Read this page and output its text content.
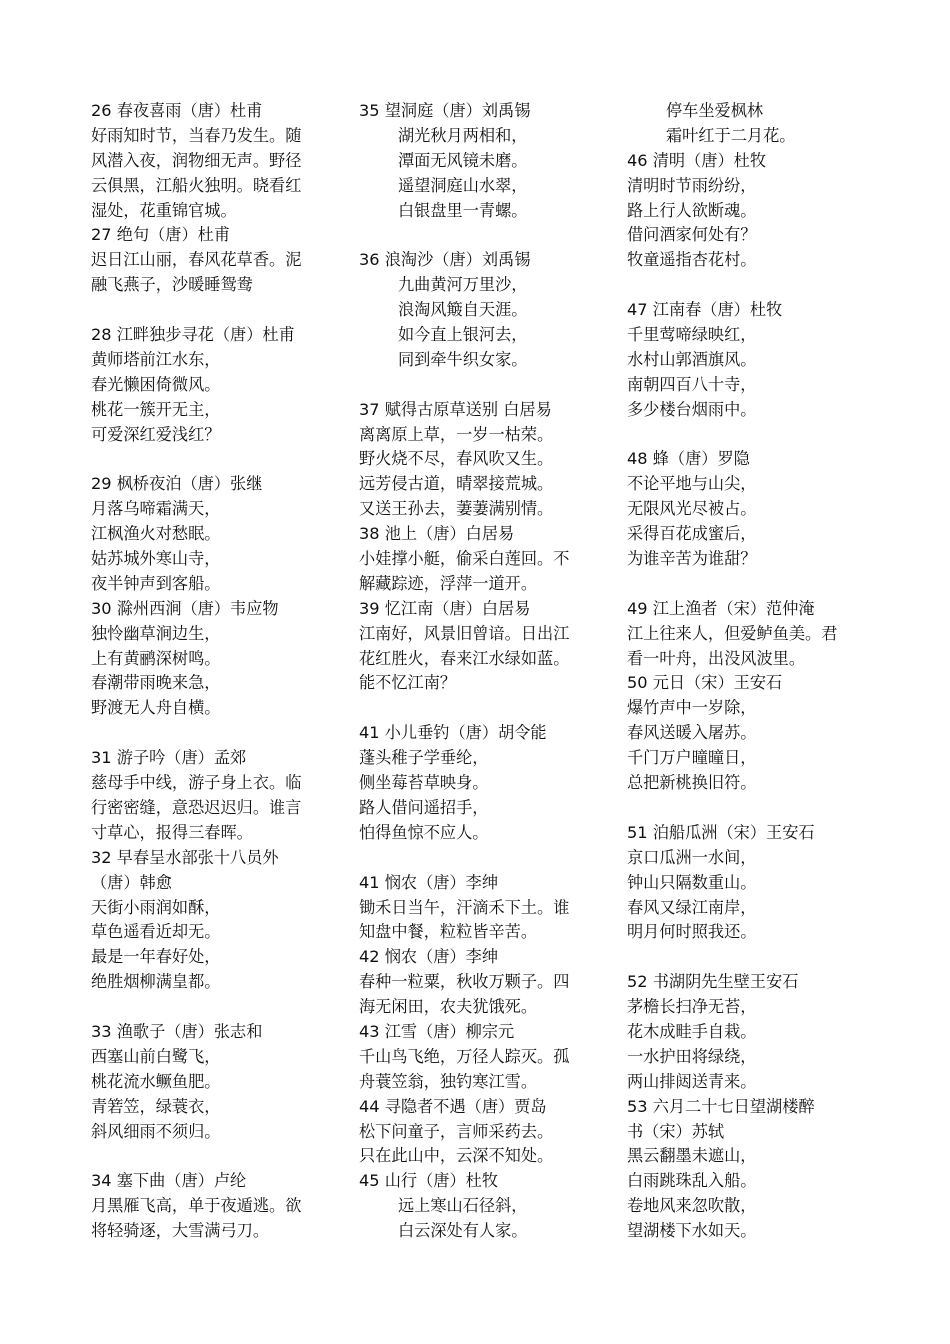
26 春夜喜雨（唐）杜甫
好雨知时节，当春乃发生。随
风潜入夜，润物细无声。野径
云俱黑，江船火独明。晓看红
湿处，花重锦官城。
27 绝句（唐）杜甫
迟日江山丽，春风花草香。泥
融飞燕子，沙暖睡鸳鸯
28 江畔独步寻花（唐）杜甫
黄师塔前江水东，
春光懒困倚微风。
桃花一簇开无主，
可爱深红爱浅红？
29 枫桥夜泊（唐）张继
月落乌啼霜满天，
江枫渔火对愁眠。
姑苏城外寒山寺，
夜半钟声到客船。
30 滁州西涧（唐）韦应物
独怜幽草涧边生，
上有黄鹂深树鸣。
春潮带雨晚来急，
野渡无人舟自横。
31 游子吟（唐）孟郊
慈母手中线，游子身上衣。临
行密密缝，意恐迟迟归。谁言
寸草心，报得三春晖。
32 早春呈水部张十八员外
（唐）韩愈
天街小雨润如酥，
草色遥看近却无。
最是一年春好处，
绝胜烟柳满皇都。
33 渔歌子（唐）张志和
西塞山前白鹭飞，
桃花流水鳜鱼肥。
青箬笠，绿蓑衣，
斜风细雨不须归。
34 塞下曲（唐）卢纶
月黑雁飞高，单于夜遁逃。欲
将轻骑逐，大雪满弓刀。
35 望洞庭（唐）刘禹锡
湖光秋月两相和，
潭面无风镜未磨。
遥望洞庭山水翠，
白银盘里一青螺。
36 浪淘沙（唐）刘禹锡
九曲黄河万里沙，
浪淘风簸自天涯。
如今直上银河去，
同到牵牛织女家。
37 赋得古原草送别 白居易
离离原上草，一岁一枯荣。
野火烧不尽，春风吹又生。
远芳侵古道，晴翠接荒城。
又送王孙去，萋萋满别情。
38 池上（唐）白居易
小娃撑小艇，偷采白莲回。不
解藏踪迹，浮萍一道开。
39 忆江南（唐）白居易
江南好，风景旧曾谙。日出江
花红胜火，春来江水绿如蓝。
能不忆江南？
41 小儿垂钓（唐）胡令能
蓬头稚子学垂纶，
侧坐莓苔草映身。
路人借问遥招手，
怕得鱼惊不应人。
41 悯农（唐）李绅
锄禾日当午，汗滴禾下土。谁
知盘中餐，粒粒皆辛苦。
42 悯农（唐）李绅
春种一粒粟，秋收万颗子。四
海无闲田，农夫犹饿死。
43 江雪（唐）柳宗元
千山鸟飞绝，万径人踪灭。孤
舟蓑笠翁，独钓寒江雪。
44 寻隐者不遇（唐）贾岛
松下问童子，言师采药去。
只在此山中，云深不知处。
45 山行（唐）杜牧
远上寒山石径斜，
白云深处有人家。
停车坐爱枫林
霜叶红于二月花。
46 清明（唐）杜牧
清明时节雨纷纷，
路上行人欲断魂。
借问酒家何处有？
牧童遥指杏花村。
47 江南春（唐）杜牧
千里莺啼绿映红，
水村山郭酒旗风。
南朝四百八十寺，
多少楼台烟雨中。
48 蜂（唐）罗隐
不论平地与山尖，
无限风光尽被占。
采得百花成蜜后，
为谁辛苦为谁甜？
49 江上渔者（宋）范仲淹
江上往来人，但爱鲈鱼美。君
看一叶舟，出没风波里。
50 元日（宋）王安石
爆竹声中一岁除，
春风送暖入屠苏。
千门万户曈曈日，
总把新桃换旧符。
51 泊船瓜洲（宋）王安石
京口瓜洲一水间，
钟山只隔数重山。
春风又绿江南岸，
明月何时照我还。
52 书湖阴先生壁王安石
茅檐长扫净无苔，
花木成畦手自栽。
一水护田将绿绕，
两山排闼送青来。
53 六月二十七日望湖楼醉
书（宋）苏轼
黑云翻墨未遮山，
白雨跳珠乱入船。
卷地风来忽吹散，
望湖楼下水如天。
